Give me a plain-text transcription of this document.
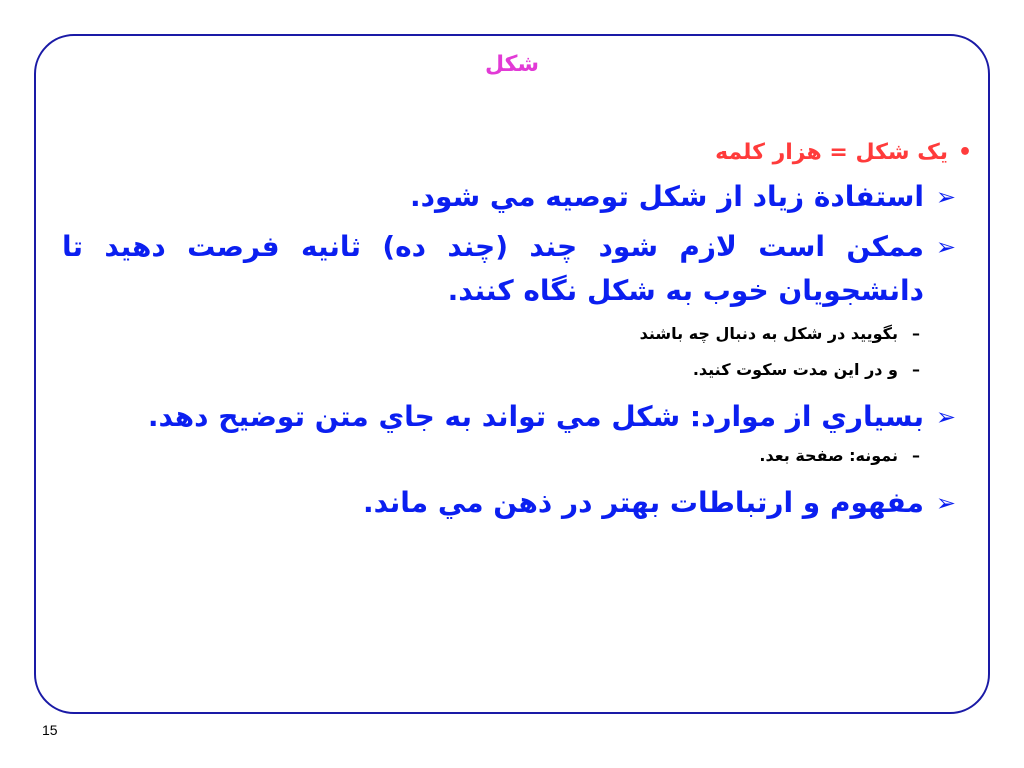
شکل
•
يک شکل = هزار کلمه
➢
استفادة زياد از شکل توصيه مي شود.
➢
ممکن است لازم شود چند (چند ده) ثانيه فرصت دهيد تا دانشجويان خوب به شکل نگاه کنند.
–
بگوييد در شکل به دنبال چه باشند
–
و در اين مدت سکوت کنيد.
➢
بسياري از موارد: شکل مي تواند به جاي متن توضيح دهد.
–
نمونه: صفحة بعد.
➢
مفهوم و ارتباطات بهتر در ذهن مي ماند.
15
